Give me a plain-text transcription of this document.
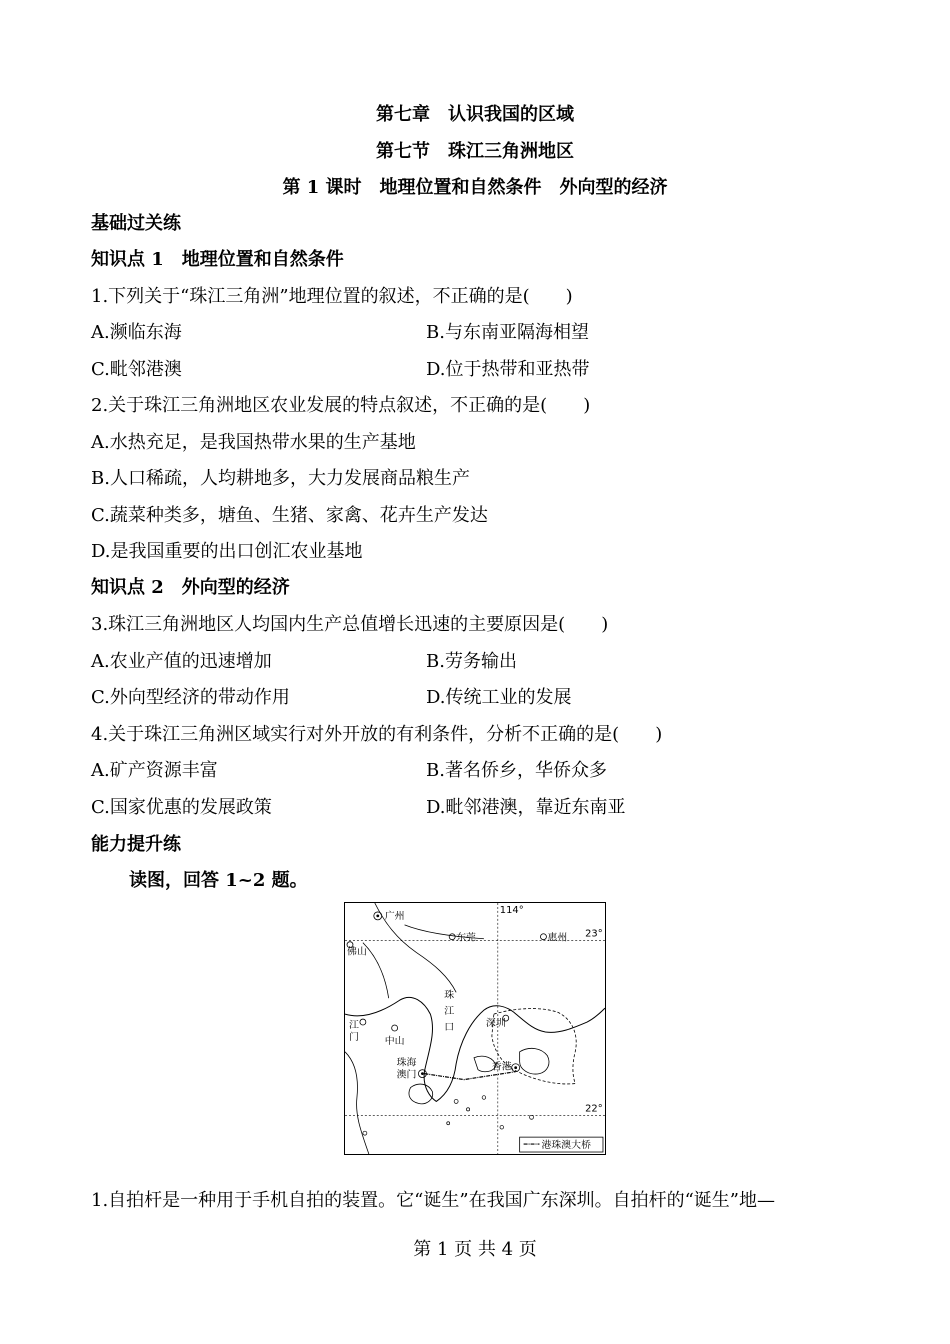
第七章　认识我国的区域
第七节　珠江三角洲地区
第 1 课时　地理位置和自然条件　外向型的经济
基础过关练
知识点 1　地理位置和自然条件
1.下列关于“珠江三角洲”地理位置的叙述，不正确的是(　　)
A.濒临东海	B.与东南亚隔海相望
C.毗邻港澳	D.位于热带和亚热带
2.关于珠江三角洲地区农业发展的特点叙述，不正确的是(　　)
A.水热充足，是我国热带水果的生产基地
B.人口稀疏，人均耕地多，大力发展商品粮生产
C.蔬菜种类多，塘鱼、生猪、家禽、花卉生产发达
D.是我国重要的出口创汇农业基地
知识点 2　外向型的经济
3.珠江三角洲地区人均国内生产总值增长迅速的主要原因是(　　)
A.农业产值的迅速增加	B.劳务输出
C.外向型经济的带动作用	D.传统工业的发展
4.关于珠江三角洲区域实行对外开放的有利条件，分析不正确的是(　　)
A.矿产资源丰富	B.著名侨乡，华侨众多
C.国家优惠的发展政策	D.毗邻港澳，靠近东南亚
能力提升练
读图，回答 1~2 题。
广州
东莞	惠州
佛山
江
门	中山
珠
江
口	深圳
珠海
澳门
香港
114°
23°
22°
港珠澳大桥
1.自拍杆是一种用于手机自拍的装置。它“诞生”在我国广东深圳。自拍杆的“诞生”地—
第 1 页 共 4 页
